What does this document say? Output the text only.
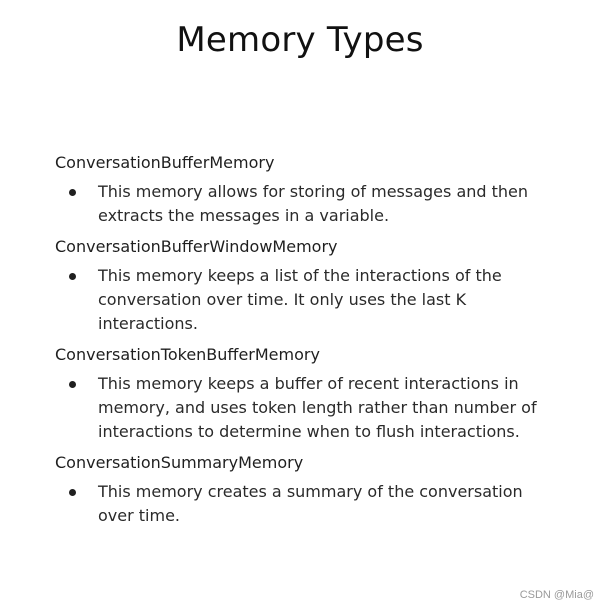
Memory Types

ConversationBufferMemory

This memory allows for storing of messages and then extracts the messages in a variable.

ConversationBufferWindowMemory

This memory keeps a list of the interactions of the conversation over time. It only uses the last K interactions.

ConversationTokenBufferMemory

This memory keeps a buffer of recent interactions in memory, and uses token length rather than number of interactions to determine when to flush interactions.

ConversationSummaryMemory

This memory creates a summary of the conversation over time.
CSDN @Mia@
